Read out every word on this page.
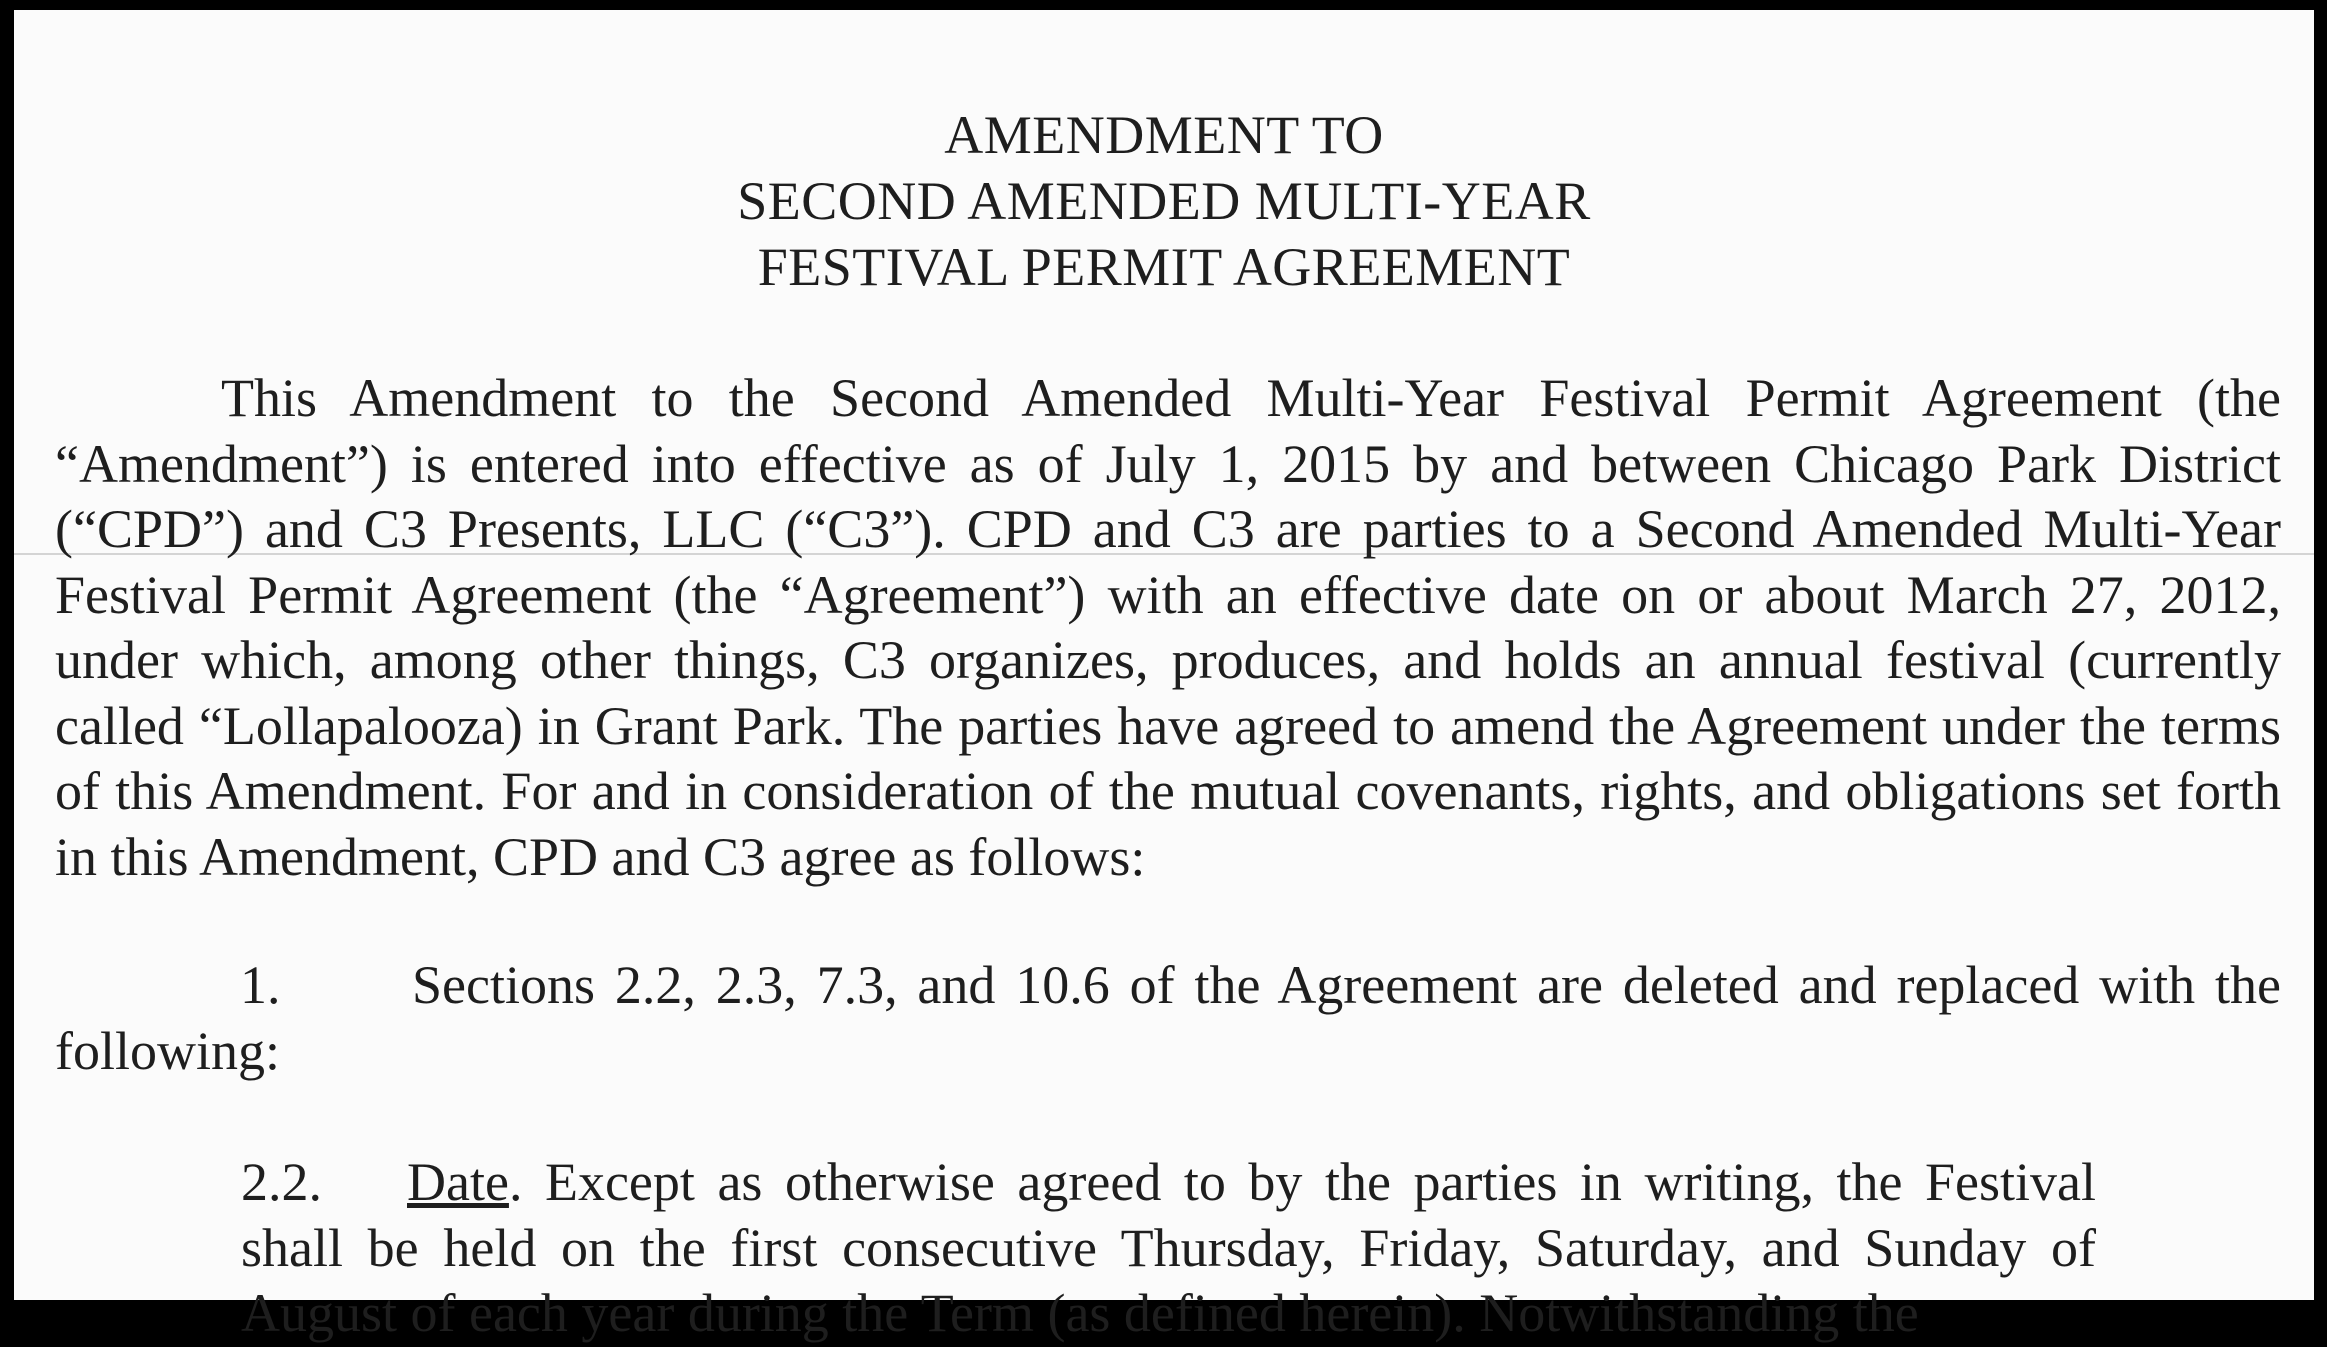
AMENDMENT TO
SECOND AMENDED MULTI-YEAR
FESTIVAL PERMIT AGREEMENT
This Amendment to the Second Amended Multi-Year Festival Permit Agreement (the “Amendment”) is entered into effective as of July 1, 2015 by and between Chicago Park District (“CPD”) and C3 Presents, LLC (“C3”). CPD and C3 are parties to a Second Amended Multi-Year Festival Permit Agreement (the “Agreement”) with an effective date on or about March 27, 2012, under which, among other things, C3 organizes, produces, and holds an annual festival (currently called “Lollapalooza) in Grant Park. The parties have agreed to amend the Agreement under the terms of this Amendment. For and in consideration of the mutual covenants, rights, and obligations set forth in this Amendment, CPD and C3 agree as follows:
1. Sections 2.2, 2.3, 7.3, and 10.6 of the Agreement are deleted and replaced with the following:
2.2. Date. Except as otherwise agreed to by the parties in writing, the Festival shall be held on the first consecutive Thursday, Friday, Saturday, and Sunday of August of each year during the Term (as defined herein). Notwithstanding the
